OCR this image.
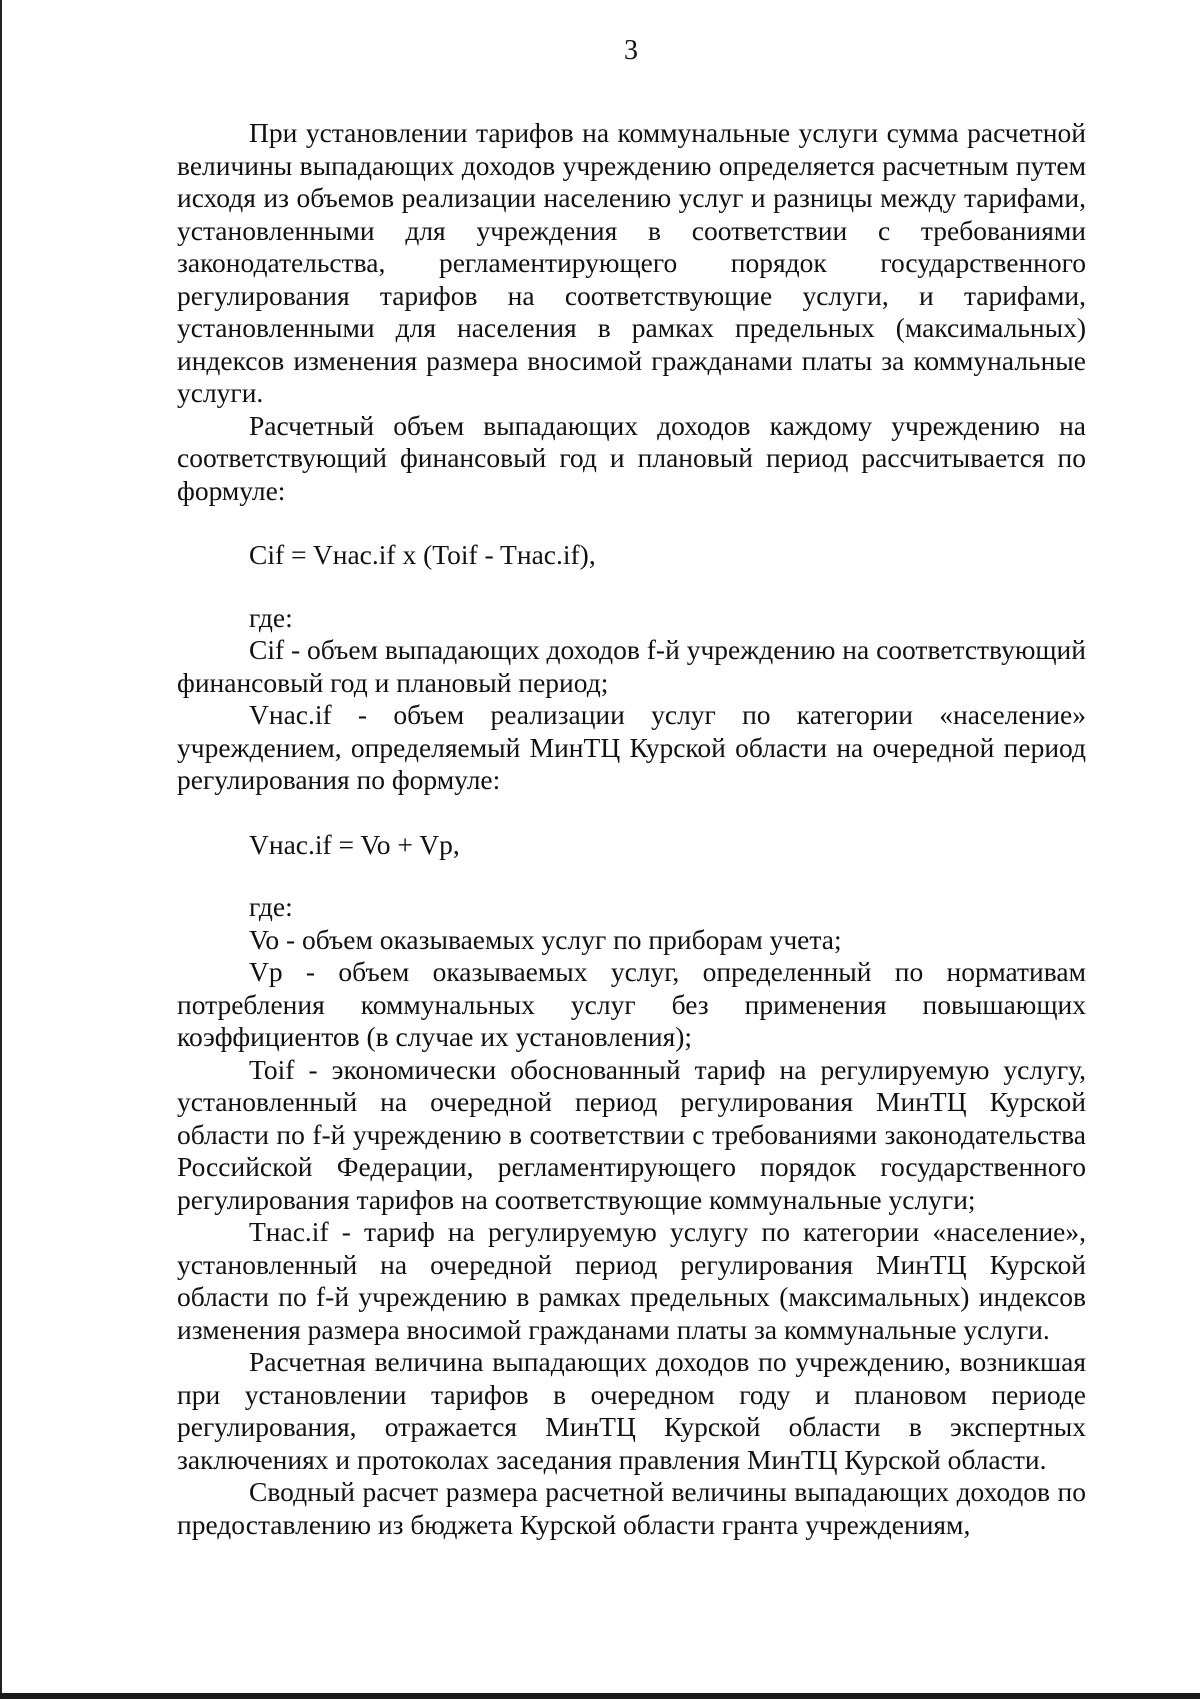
3

При установлении тарифов на коммунальные услуги сумма расчетной величины выпадающих доходов учреждению определяется расчетным путем исходя из объемов реализации населению услуг и разницы между тарифами, установленными для учреждения в соответствии с требованиями законодательства, регламентирующего порядок государственного регулирования тарифов на соответствующие услуги, и тарифами, установленными для населения в рамках предельных (максимальных) индексов изменения размера вносимой гражданами платы за коммунальные услуги.

Расчетный объем выпадающих доходов каждому учреждению на соответствующий финансовый год и плановый период рассчитывается по формуле:

Cif = Vнас.if x (Toif - Tнас.if),

где:

Cif - объем выпадающих доходов f-й учреждению на соответствующий финансовый год и плановый период;

Vнас.if - объем реализации услуг по категории «население» учреждением, определяемый МинТЦ Курской области на очередной период регулирования по формуле:

Vнас.if = Vo + Vp,

где:

Vo - объем оказываемых услуг по приборам учета;

Vp - объем оказываемых услуг, определенный по нормативам потребления коммунальных услуг без применения повышающих коэффициентов (в случае их установления);

Toif - экономически обоснованный тариф на регулируемую услугу, установленный на очередной период регулирования МинТЦ Курской области по f-й учреждению в соответствии с требованиями законодательства Российской Федерации, регламентирующего порядок государственного регулирования тарифов на соответствующие коммунальные услуги;

Тнас.if - тариф на регулируемую услугу по категории «население», установленный на очередной период регулирования МинТЦ Курской области по f-й учреждению в рамках предельных (максимальных) индексов изменения размера вносимой гражданами платы за коммунальные услуги.

Расчетная величина выпадающих доходов по учреждению, возникшая при установлении тарифов в очередном году и плановом периоде регулирования, отражается МинТЦ Курской области в экспертных заключениях и протоколах заседания правления МинТЦ Курской области.

Сводный расчет размера расчетной величины выпадающих доходов по предоставлению из бюджета Курской области гранта учреждениям,
